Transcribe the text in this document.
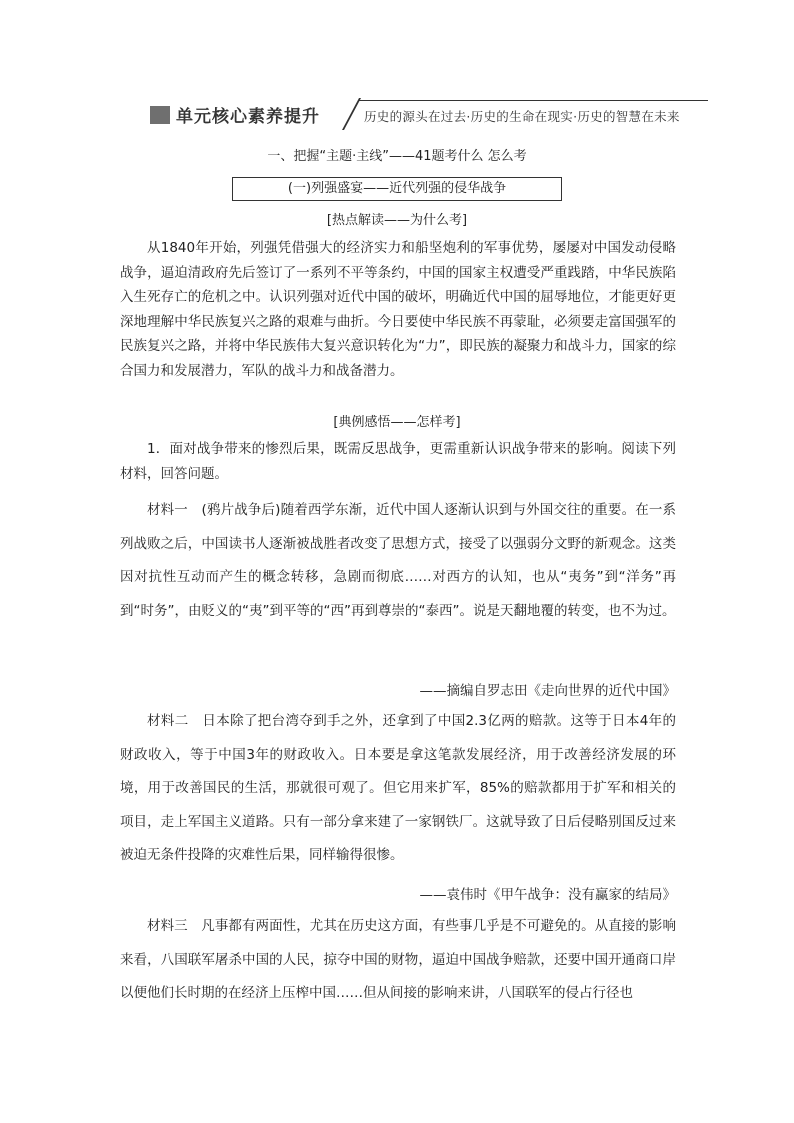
单元核心素养提升	历史的源头在过去·历史的生命在现实·历史的智慧在未来
一、把握“主题·主线”——41题考什么 怎么考
(一)列强盛宴——近代列强的侵华战争
[热点解读——为什么考]

从1840年开始，列强凭借强大的经济实力和船坚炮利的军事优势，屡屡对中国发动侵略战争，逼迫清政府先后签订了一系列不平等条约，中国的国家主权遭受严重践踏，中华民族陷入生死存亡的危机之中。认识列强对近代中国的破坏，明确近代中国的屈辱地位，才能更好更深地理解中华民族复兴之路的艰难与曲折。今日要使中华民族不再蒙耻，必须要走富国强军的民族复兴之路，并将中华民族伟大复兴意识转化为“力”，即民族的凝聚力和战斗力，国家的综合国力和发展潜力，军队的战斗力和战备潜力。

[典例感悟——怎样考]

1．面对战争带来的惨烈后果，既需反思战争，更需重新认识战争带来的影响。阅读下列材料，回答问题。

材料一　(鸦片战争后)随着西学东渐，近代中国人逐渐认识到与外国交往的重要。在一系列战败之后，中国读书人逐渐被战胜者改变了思想方式，接受了以强弱分文野的新观念。这类因对抗性互动而产生的概念转移，急剧而彻底……对西方的认知，也从“夷务”到“洋务”再到“时务”，由贬义的“夷”到平等的“西”再到尊崇的“泰西”。说是天翻地覆的转变，也不为过。

——摘编自罗志田《走向世界的近代中国》

材料二　日本除了把台湾夺到手之外，还拿到了中国2.3亿两的赔款。这等于日本4年的财政收入，等于中国3年的财政收入。日本要是拿这笔款发展经济，用于改善经济发展的环境，用于改善国民的生活，那就很可观了。但它用来扩军，85%的赔款都用于扩军和相关的项目，走上军国主义道路。只有一部分拿来建了一家钢铁厂。这就导致了日后侵略别国反过来被迫无条件投降的灾难性后果，同样输得很惨。

——袁伟时《甲午战争：没有赢家的结局》

材料三　凡事都有两面性，尤其在历史这方面，有些事几乎是不可避免的。从直接的影响来看，八国联军屠杀中国的人民，掠夺中国的财物，逼迫中国战争赔款，还要中国开通商口岸以便他们长时期的在经济上压榨中国……但从间接的影响来讲，八国联军的侵占行径也
